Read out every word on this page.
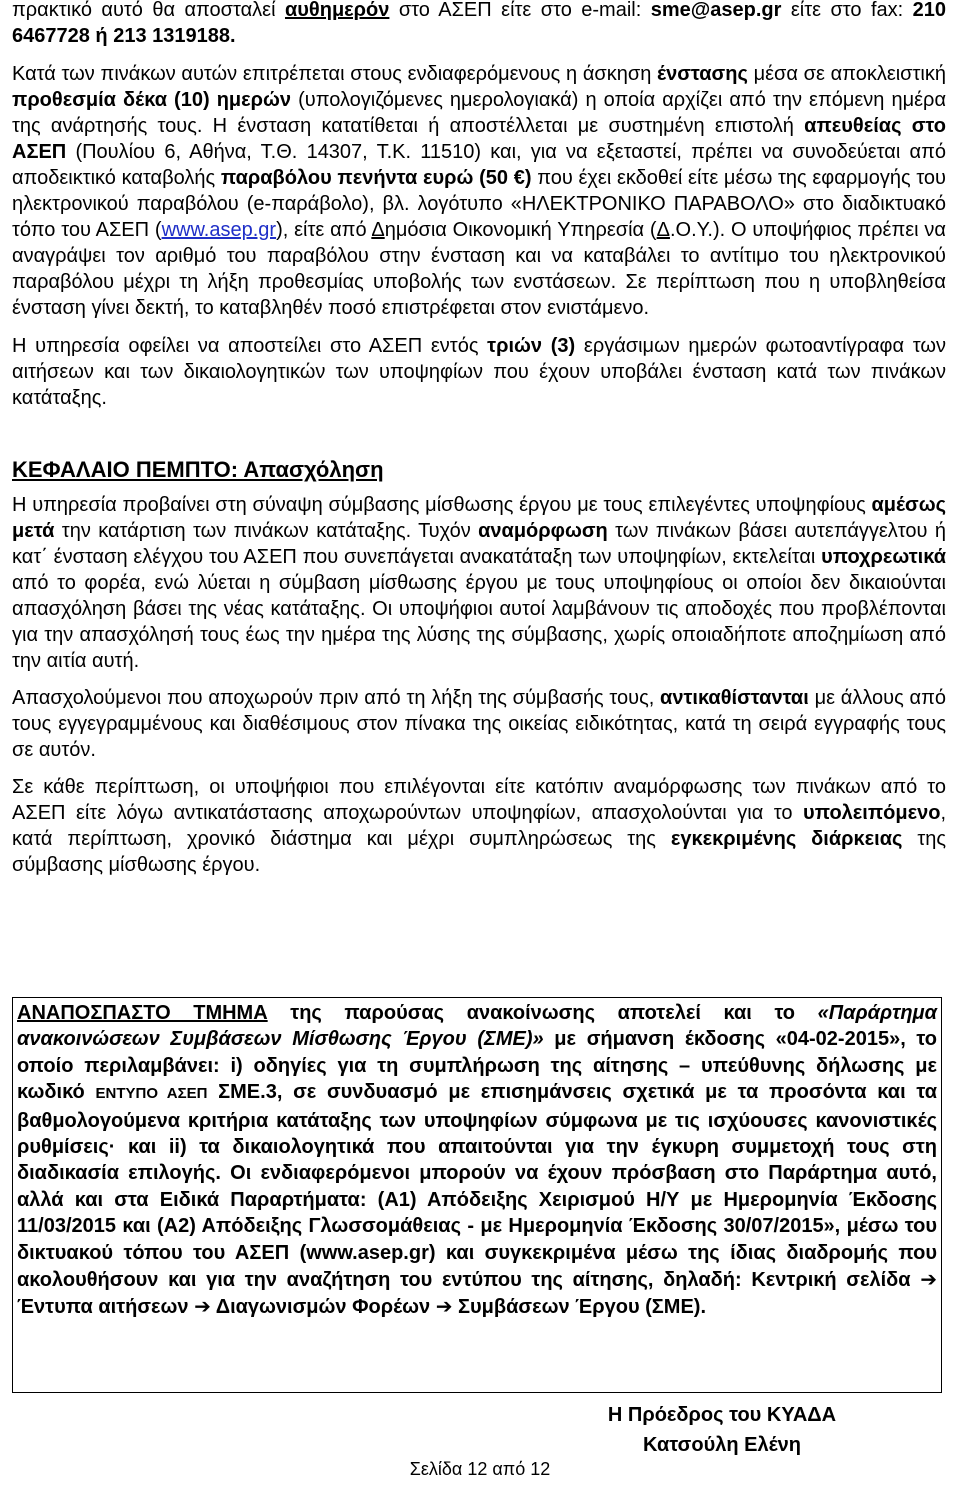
πρακτικό αυτό θα αποσταλεί αυθημερόν στο ΑΣΕΠ είτε στο e-mail: sme@asep.gr είτε στο fax: 210 6467728 ή 213 1319188.

Κατά των πινάκων αυτών επιτρέπεται στους ενδιαφερόμενους η άσκηση ένστασης μέσα σε αποκλειστική προθεσμία δέκα (10) ημερών (υπολογιζόμενες ημερολογιακά) η οποία αρχίζει από την επόμενη ημέρα της ανάρτησής τους. Η ένσταση κατατίθεται ή αποστέλλεται με συστημένη επιστολή απευθείας στο ΑΣΕΠ (Πουλίου 6, Αθήνα, Τ.Θ. 14307, Τ.Κ. 11510) και, για να εξεταστεί, πρέπει να συνοδεύεται από αποδεικτικό καταβολής παραβόλου πενήντα ευρώ (50 €) που έχει εκδοθεί είτε μέσω της εφαρμογής του ηλεκτρονικού παραβόλου (e-παράβολο), βλ. λογότυπο «ΗΛΕΚΤΡΟΝΙΚΟ ΠΑΡΑΒΟΛΟ» στο διαδικτυακό τόπο του ΑΣΕΠ (www.asep.gr), είτε από Δημόσια Οικονομική Υπηρεσία (Δ.Ο.Υ.). Ο υποψήφιος πρέπει να αναγράψει τον αριθμό του παραβόλου στην ένσταση και να καταβάλει το αντίτιμο του ηλεκτρονικού παραβόλου μέχρι τη λήξη προθεσμίας υποβολής των ενστάσεων. Σε περίπτωση που η υποβληθείσα ένσταση γίνει δεκτή, το καταβληθέν ποσό επιστρέφεται στον ενιστάμενο.

Η υπηρεσία οφείλει να αποστείλει στο ΑΣΕΠ εντός τριών (3) εργάσιμων ημερών φωτοαντίγραφα των αιτήσεων και των δικαιολογητικών των υποψηφίων που έχουν υποβάλει ένσταση κατά των πινάκων κατάταξης.

ΚΕΦΑΛΑΙΟ ΠΕΜΠΤΟ: Απασχόληση

Η υπηρεσία προβαίνει στη σύναψη σύμβασης μίσθωσης έργου με τους επιλεγέντες υποψηφίους αμέσως μετά την κατάρτιση των πινάκων κατάταξης. Τυχόν αναμόρφωση των πινάκων βάσει αυτεπάγγελτου ή κατ΄ ένσταση ελέγχου του ΑΣΕΠ που συνεπάγεται ανακατάταξη των υποψηφίων, εκτελείται υποχρεωτικά από το φορέα, ενώ λύεται η σύμβαση μίσθωσης έργου με τους υποψηφίους οι οποίοι δεν δικαιούνται απασχόληση βάσει της νέας κατάταξης. Οι υποψήφιοι αυτοί λαμβάνουν τις αποδοχές που προβλέπονται για την απασχόλησή τους έως την ημέρα της λύσης της σύμβασης, χωρίς οποιαδήποτε αποζημίωση από την αιτία αυτή.

Απασχολούμενοι που αποχωρούν πριν από τη λήξη της σύμβασής τους, αντικαθίστανται με άλλους από τους εγγεγραμμένους και διαθέσιμους στον πίνακα της οικείας ειδικότητας, κατά τη σειρά εγγραφής τους σε αυτόν.

Σε κάθε περίπτωση, οι υποψήφιοι που επιλέγονται είτε κατόπιν αναμόρφωσης των πινάκων από το ΑΣΕΠ είτε λόγω αντικατάστασης αποχωρούντων υποψηφίων, απασχολούνται για το υπολειπόμενο, κατά περίπτωση, χρονικό διάστημα και μέχρι συμπληρώσεως της εγκεκριμένης διάρκειας της σύμβασης μίσθωσης έργου.

ΑΝΑΠΟΣΠΑΣΤΟ ΤΜΗΜΑ της παρούσας ανακοίνωσης αποτελεί και το «Παράρτημα ανακοινώσεων Συμβάσεων Μίσθωσης Έργου (ΣΜΕ)» με σήμανση έκδοσης «04-02-2015», το οποίο περιλαμβάνει: i) οδηγίες για τη συμπλήρωση της αίτησης – υπεύθυνης δήλωσης με κωδικό ΕΝΤΥΠΟ ΑΣΕΠ ΣΜΕ.3, σε συνδυασμό με επισημάνσεις σχετικά με τα προσόντα και τα βαθμολογούμενα κριτήρια κατάταξης των υποψηφίων σύμφωνα με τις ισχύουσες κανονιστικές ρυθμίσεις· και ii) τα δικαιολογητικά που απαιτούνται για την έγκυρη συμμετοχή τους στη διαδικασία επιλογής. Οι ενδιαφερόμενοι μπορούν να έχουν πρόσβαση στο Παράρτημα αυτό, αλλά και στα Ειδικά Παραρτήματα: (Α1) Απόδειξης Χειρισμού Η/Υ με Ημερομηνία Έκδοσης 11/03/2015 και (Α2) Απόδειξης Γλωσσομάθειας - με Ημερομηνία Έκδοσης 30/07/2015», μέσω του δικτυακού τόπου του ΑΣΕΠ (www.asep.gr) και συγκεκριμένα μέσω της ίδιας διαδρομής που ακολουθήσουν και για την αναζήτηση του εντύπου της αίτησης, δηλαδή: Κεντρική σελίδα ➔ Έντυπα αιτήσεων ➔ Διαγωνισμών Φορέων ➔ Συμβάσεων Έργου (ΣΜΕ).

Η Πρόεδρος του ΚΥΑΔΑ
Κατσούλη Ελένη
Σελίδα 12 από 12
